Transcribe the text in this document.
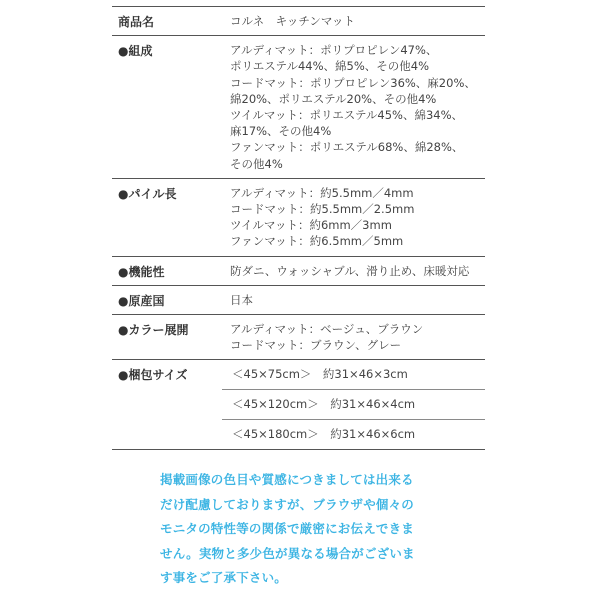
商品名	コルネ　キッチンマット
●組成	アルディマット：ポリプロピレン47%、
ポリエステル44%、綿5%、その他4%
コードマット：ポリプロピレン36%、麻20%、
綿20%、ポリエステル20%、その他4%
ツイルマット：ポリエステル45%、綿34%、
麻17%、その他4%
ファンマット：ポリエステル68%、綿28%、
その他4%
●パイル長	アルディマット：約5.5mm／4mm
コードマット：約5.5mm／2.5mm
ツイルマット：約6mm／3mm
ファンマット：約6.5mm／5mm
●機能性	防ダニ、ウォッシャブル、滑り止め、床暖対応
●原産国	日本
●カラー展開	アルディマット：ベージュ、ブラウン
コードマット：ブラウン、グレー
●梱包サイズ	＜45×75cm＞　約31×46×3cm
＜45×120cm＞　約31×46×4cm
＜45×180cm＞　約31×46×6cm
掲載画像の色目や質感につきましては出来る
だけ配慮しておりますが、ブラウザや個々の
モニタの特性等の関係で厳密にお伝えできま
せん。実物と多少色が異なる場合がございま
す事をご了承下さい。
